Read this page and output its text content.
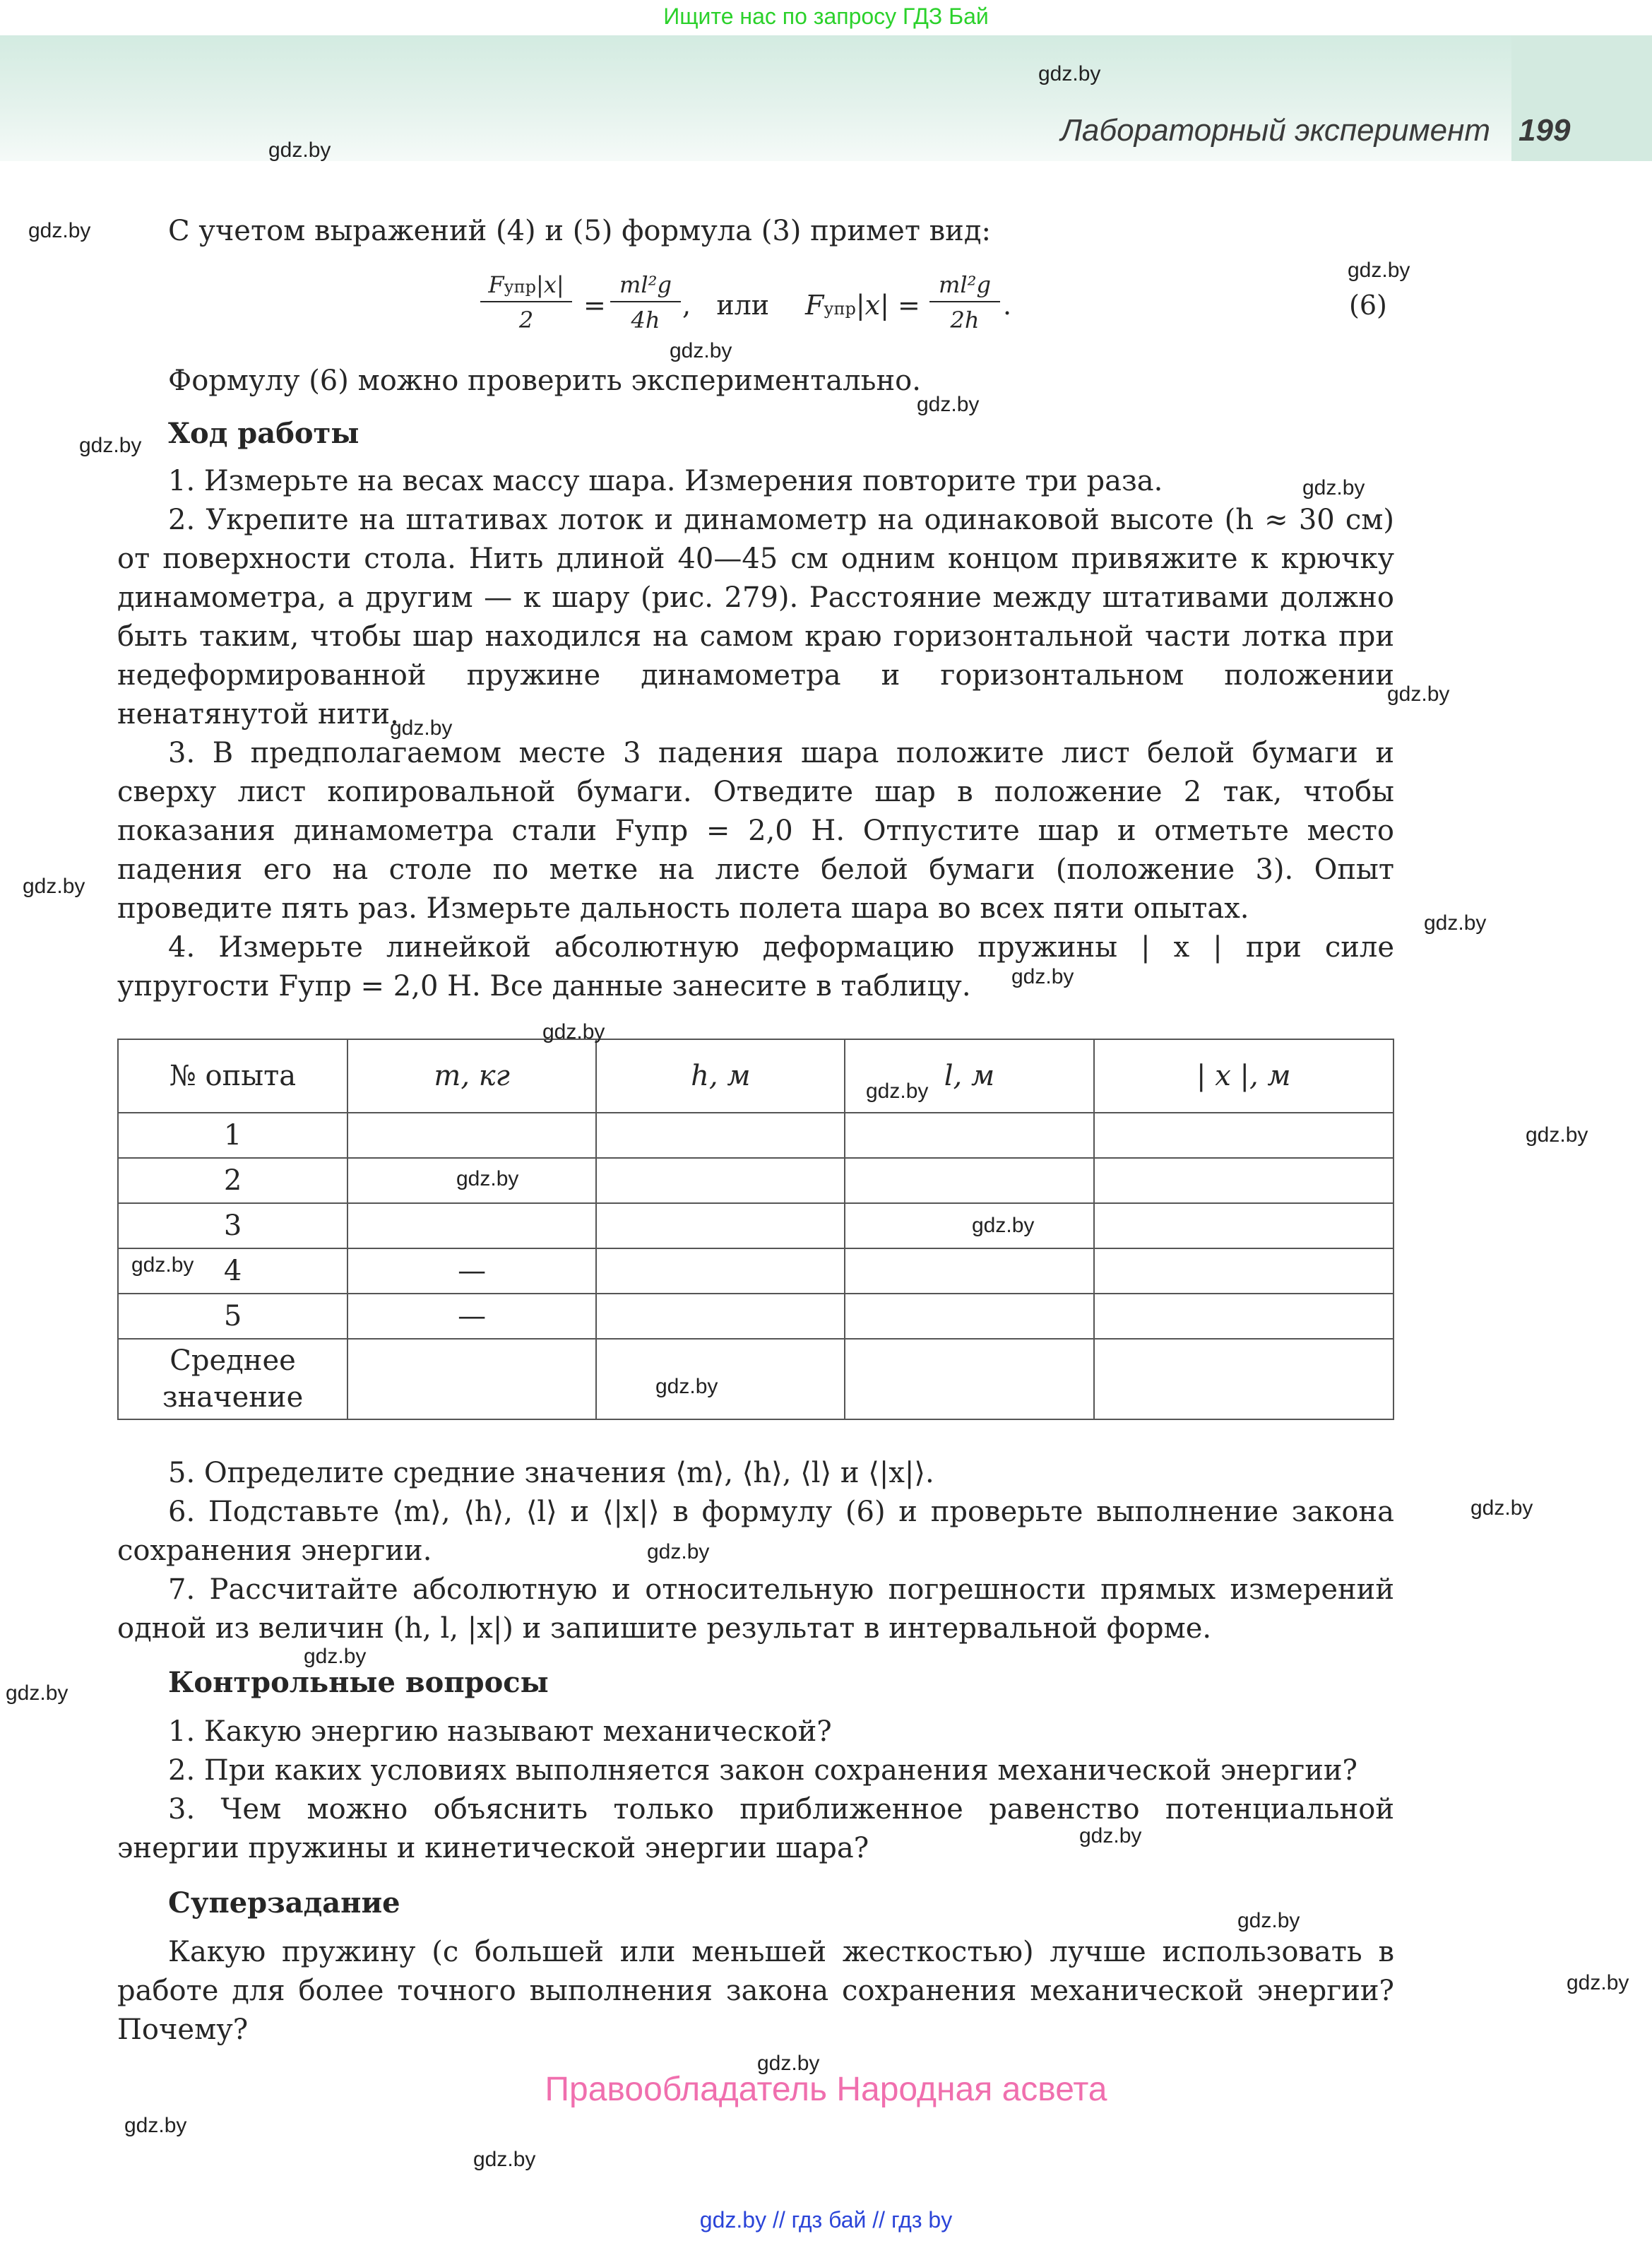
Ищите нас по запросу ГДЗ Бай
Лабораторный эксперимент 199

С учетом выражений (4) и (5) формула (3) примет вид:

Fупр|x|
2	= $\frac{\text{ml²g}}{4h}$ ,   или Fупр|x| = $\frac{\text{ml²g}}{2h}$ .	(6)

Формулу (6) можно проверить экспериментально.

Ход работы

1. Измерьте на весах массу шара. Измерения повторите три раза.

2. Укрепите на штативах лоток и динамометр на одинаковой высоте (h ≈ 30 см) от поверхности стола. Нить длиной 40—45 см одним концом привяжите к крючку динамометра, а другим — к шару (рис. 279). Расстояние между штативами должно быть таким, чтобы шар находился на самом краю горизонтальной части лотка при недеформированной пружине динамометра и горизонтальном положении ненатянутой нити.

3. В предполагаемом месте 3 падения шара положите лист белой бумаги и сверху лист копировальной бумаги. Отведите шар в положение 2 так, чтобы показания динамометра стали Fупр = 2,0 Н. Отпустите шар и отметьте место падения его на столе по метке на листе белой бумаги (положение 3). Опыт проведите пять раз. Измерьте дальность полета шара во всех пяти опытах.

4. Измерьте линейкой абсолютную деформацию пружины | x | при силе упругости Fупр = 2,0 Н. Все данные занесите в таблицу.

№ опыта	m, кг	h, м	l, м	| x |, м
1				
2				
3				
4	—			
5	—			
Среднее значение				

5. Определите средние значения ⟨m⟩, ⟨h⟩, ⟨l⟩ и ⟨|x|⟩.

6. Подставьте ⟨m⟩, ⟨h⟩, ⟨l⟩ и ⟨|x|⟩ в формулу (6) и проверьте выполнение закона сохранения энергии.

7. Рассчитайте абсолютную и относительную погрешности прямых измерений одной из величин (h, l, |x|) и запишите результат в интервальной форме.

Контрольные вопросы

1. Какую энергию называют механической?

2. При каких условиях выполняется закон сохранения механической энергии?

3. Чем можно объяснить только приближенное равенство потенциальной энергии пружины и кинетической энергии шара?

Суперзадание

Какую пружину (с большей или меньшей жесткостью) лучше использовать в работе для более точного выполнения закона сохранения механической энергии? Почему?

Правообладатель Народная асвета
gdz.by // гдз бай // гдз by
gdz.by
gdz.by
gdz.by
gdz.by
gdz.by
gdz.by
gdz.by
gdz.by
gdz.by
gdz.by
gdz.by
gdz.by
gdz.by
gdz.by
gdz.by
gdz.by
gdz.by
gdz.by
gdz.by
gdz.by
gdz.by
gdz.by
gdz.by
gdz.by
gdz.by
gdz.by
gdz.by
gdz.by
gdz.by
gdz.by
